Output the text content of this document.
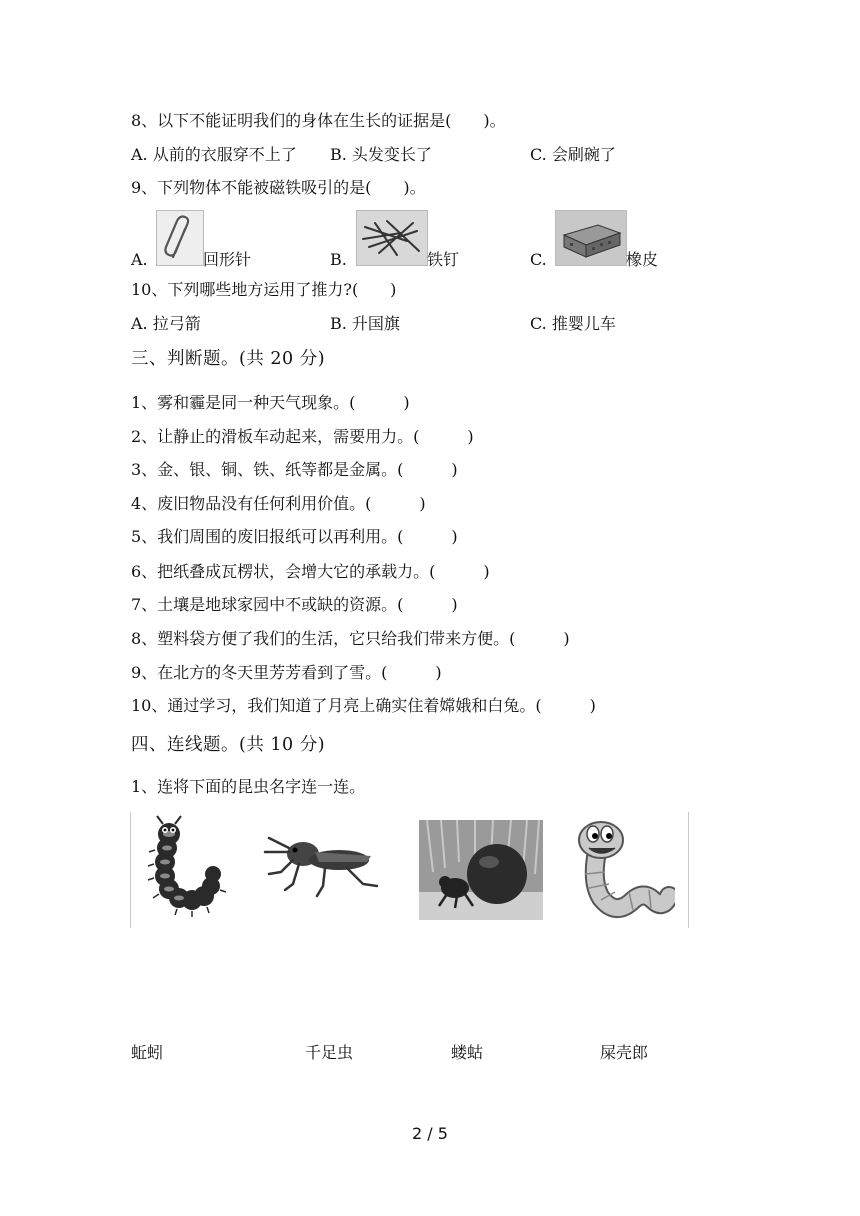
8、以下不能证明我们的身体在生长的证据是(　　)。
A. 从前的衣服穿不上了 B. 头发变长了	C. 会刷碗了
9、下列物体不能被磁铁吸引的是(　　)。
A.	回形针	B.	铁钉	C.	橡皮
10、下列哪些地方运用了推力?(　　)
A. 拉弓箭	B. 升国旗	C. 推婴儿车
三、判断题。(共 20 分)
1、雾和霾是同一种天气现象。(　　　)
2、让静止的滑板车动起来，需要用力。(　　　)
3、金、银、铜、铁、纸等都是金属。(　　　)
4、废旧物品没有任何利用价值。(　　　)
5、我们周围的废旧报纸可以再利用。(　　　)
6、把纸叠成瓦楞状，会增大它的承载力。(　　　)
7、土壤是地球家园中不或缺的资源。(　　　)
8、塑料袋方便了我们的生活，它只给我们带来方便。(　　　)
9、在北方的冬天里芳芳看到了雪。(　　　)
10、通过学习，我们知道了月亮上确实住着嫦娥和白兔。(　　　)
四、连线题。(共 10 分)
1、连将下面的昆虫名字连一连。
蚯蚓	千足虫	蝼蛄	屎壳郎
2 / 5
